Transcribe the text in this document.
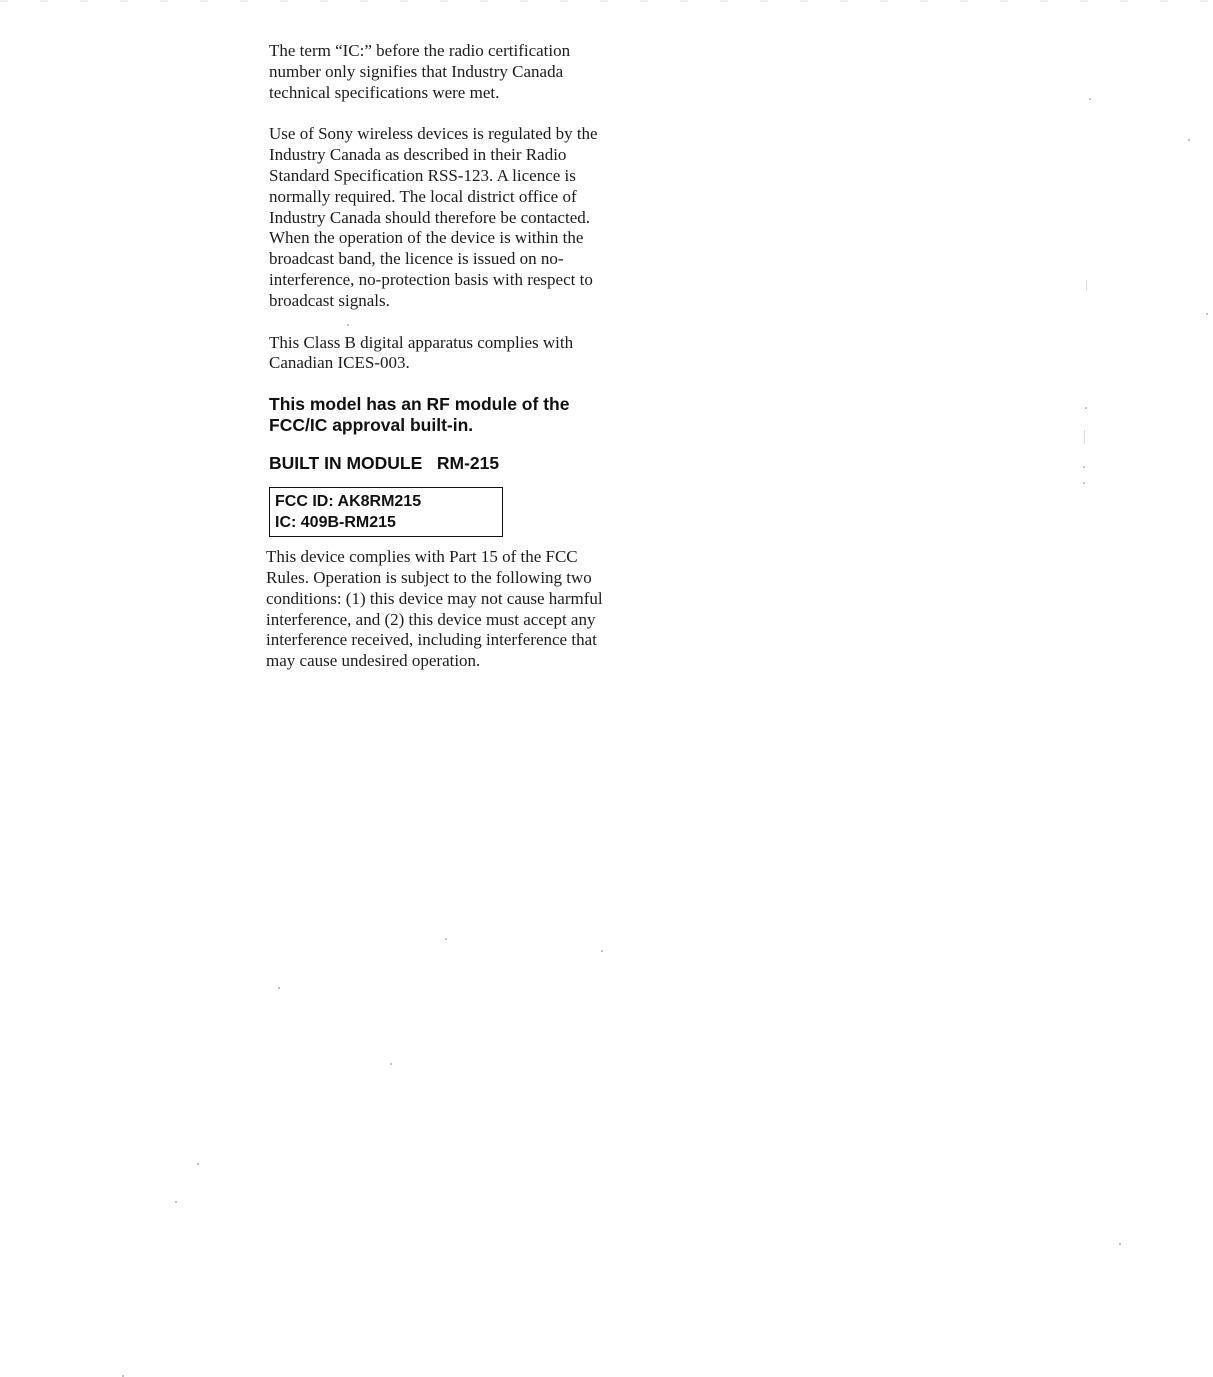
The term “IC:” before the radio certification number only signifies that Industry Canada technical specifications were met.

Use of Sony wireless devices is regulated by the Industry Canada as described in their Radio Standard Specification RSS-123. A licence is normally required. The local district office of Industry Canada should therefore be contacted. When the operation of the device is within the broadcast band, the licence is issued on no-interference, no-protection basis with respect to broadcast signals.

This Class B digital apparatus complies with Canadian ICES-003.

This model has an RF module of the FCC/IC approval built-in.

BUILT IN MODULE RM-215

FCC ID: AK8RM215
IC: 409B-RM215

This device complies with Part 15 of the FCC Rules. Operation is subject to the following two conditions: (1) this device may not cause harmful interference, and (2) this device must accept any interference received, including interference that may cause undesired operation.
